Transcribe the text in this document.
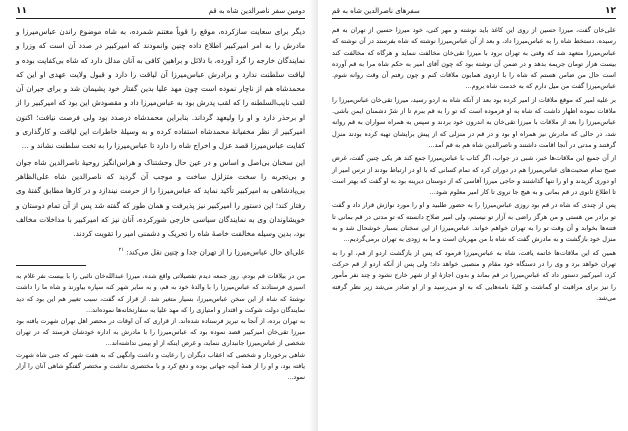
۱۱	دومین سفر ناصرالدین شاه به قم

دیگر برای سعایت سازکرده، موقع را قویاً مغتنم شمرده، به شاه موضوع راندن عباس‌میرزا و مادرش را به امر امیرکبیر اطلاع داده چنین وانمودند که امیرکبیر در صدد آن است که وزرا و نمایندگان خارجه را گرد آورده، با دلائل و براهین کافی به آنان مدلل دارد که شاه بی‌کفایت بوده و لیاقت سلطنت ندارد و برادرش عباس‌میرزا آن لیاقت را دارد و قبول ولایت عهدی او این که محمدشاه هم از ناچار نموده است چون مهد علیا بدین گفتار خود پشیمان شد و برای جبران آن لقب نایب‌السلطنه را که لقب پدرش بود به عباس‌میرزا داد و مقصودش این بود که امیرکبیر را از او برحذر دارد و او را ولیعهد گرداند. بنابراین محمدشاه درصدد بود ولی فرصت نیافت؛ اکنون امیرکبیر از نظر مخفیانهٔ محمدشاه استفاده کرده و به وسیلهٔ خاطرات این لیاقت و کارگذاری و کفایت عباس‌میرزا قصد عزل و اخراج شاه را دارد تا عباس‌میرزا را به تخت سلطنت نشاند و ...

این سخنان بی‌اصل و اساس و در عین حال وحشتناک و هراس‌انگیز روحیهٔ ناصرالدین شاه جوان و بی‌تجربه را سخت متزلزل ساخت و موجب آن گردید که ناصرالدین شاه علی‌الظاهر بی‌پادشاهی به امیرکبیر تأکید نماید که عباس‌میرزا را از حرمت نیندازد و در کارها مطابق گفتهٔ وی رفتار کند؛ این دستور را امیرکبیر نیز پذیرفت و همان طور که گفته شد پس از آن تمام دوستان و خویشاوندان وی به نمایندگان سیاسی خارجی شورکرده، آنان نیز که امیرکبیر با مداخلات مخالف بود، بدین وسیله مخالفت خاصهٔ شاه را تحریک و دشمنی امیر را تقویت کردند.

علی‌ای حال عباس‌میرزا را از تهران جدا و چنین نقل می‌کند: $^{۲۱}$

من در بیلاقات قم بودم. روز جمعه دیدم تفصیلاتی واقع شده، میرزا عبدالله‌خان نائبی را با بیست نفر غلام به اسیری فرستادند که عباس‌میرزا را با والدهٔ خود به قم، و به سایر شهر کنه سپاره بیاورند و شاه ما را داشت نوشتهٔ که شاه از این سخن عباس‌میرزا، بسیار متغیر شد. از قرار که گفت، سبب تغییر هم این بود که دید نمایندگان دولت شوکت و اقتدار و امتیازی را که مهد علیا به سفارتخانه‌ها نموده‌اند...

به تهران برده، از آنجا به تبریز فرستاده شده‌اند. از قراری که آن اوقات در محضر اهل تهران شهرت یافته بود میرزا تقی‌خان امیرکبیر قصد نموده بود که عباس‌میرزا را با مادرش به اداره خودشان فرستد که در تهران شخصی از عباس‌میرزا جانبداری ننماید، و غرض اینکه از او بیمی نداشته‌اند...

شاهی برخوردار و شخصی که اعقاب دیگران را رعایت و داشت وانگهی که به هفت شهر که جنی شاه شهرت یافته بود، و او را از همهٔ آنچه جهاتی بوده و دفع کرد و با مختصری نداشت و مختصر گفتگو شاهی آنان را آزار نمود...

سفرهای ناصرالدین شاه به قم	۱۲

علی‌خان گفت، میرزا حسین از روی این کاغذ باید نوشته و مهر کنی، خود میرزا حسین از تهران به قم رسیده، دستخط شاه را به عباس‌میرزا داد، و بعد از آن عباس‌میرزا نوشته که شاه بفرستد در آن نوشته که عباس‌میرزا متعهد شد که وقتی به تهران برود با میرزا تقی‌خان مخالفت ننماید و هرگاه که مخالفت کند بیست هزار تومان جریمه بدهد و در ضمن آن نوشته بود که چون آقای امیر به حکم شاه مرا به قم آورده است حال من ضامن هستم که شاه را با اردوی همایون ملاقات کنم و چون رفتم آن وقت روانه شوم. عباس‌میرزا گفت من میل دارم که به خدمت شاه بروم...

بر علیه امیر که موقع ملاقات از امیر کرده بود بعد از آنکه شاه به اردو رسید، میرزا تقی‌خان عباس‌میرزا را ملاقات نموده اظهار داشت که شاه به او فرموده است که تو را به قم ببرم تا از شرّ دشمنان ایمن باشی. عباس‌میرزا را بعد از ملاقات با میرزا تقی‌خان به اندرون خود بردند و سپس به همراه سواران به قم روانه شد، در حالی که مادرش نیز همراه او بود و در قم در منزلی که از پیش برایشان تهیه کرده بودند منزل گرفتند و مدتی در آنجا اقامت داشتند و ناصرالدین شاه هم به قم آمد...

از آن جمیع این ملاقات‌ها خبر، شبی در جواب، اگر کتاب با عباس‌میرزا جمع کند هر یکی چنین گفت، غرض صبح تمام صحبت‌های عباس‌میرزا هم در دوران کرد که تمام کسانی که با او در ارتباط بودند از ترس امیر از او دوری گزیدند و او را تنها گذاشتند و حاجی میرزا آقاسی که از دوستان دیرینه بود به او گفت که بهتر است تا اطلاع ثانوی در قم بمانی و به هیچ جا نروی تا کار امیر معلوم شود...

پس از چندی که شاه در قم بود روزی عباس‌میرزا را به حضور طلبید و او را مورد نوازش قرار داد و گفت تو برادر من هستی و من هرگز راضی به آزار تو نیستم، ولی امیر صلاح دانسته که تو مدتی در قم بمانی تا فتنه‌ها بخوابد و آن وقت تو را به تهران خواهم خواند. عباس‌میرزا از این سخنان بسیار خوشحال شد و به منزل خود بازگشت و به مادرش گفت که شاه با من مهربان است و ما به زودی به تهران برمی‌گردیم...

همین که این ملاقات‌ها خاتمه یافت، شاه به عباس‌میرزا فرمود که پس از بازگشت اردو از قم، او را به تهران خواهد برد و وی را در دستگاه خود مقام و منصبی خواهد داد؛ ولی پس از آنکه اردو از قم حرکت کرد، امیرکبیر دستور داد که عباس‌میرزا در قم بماند و بدون اجازهٔ او از شهر خارج نشود و چند نفر مأمور را نیز برای مراقبت او گماشت و کلیهٔ نامه‌هایی که به او می‌رسید و از او صادر می‌شد زیر نظر گرفته می‌شد.
